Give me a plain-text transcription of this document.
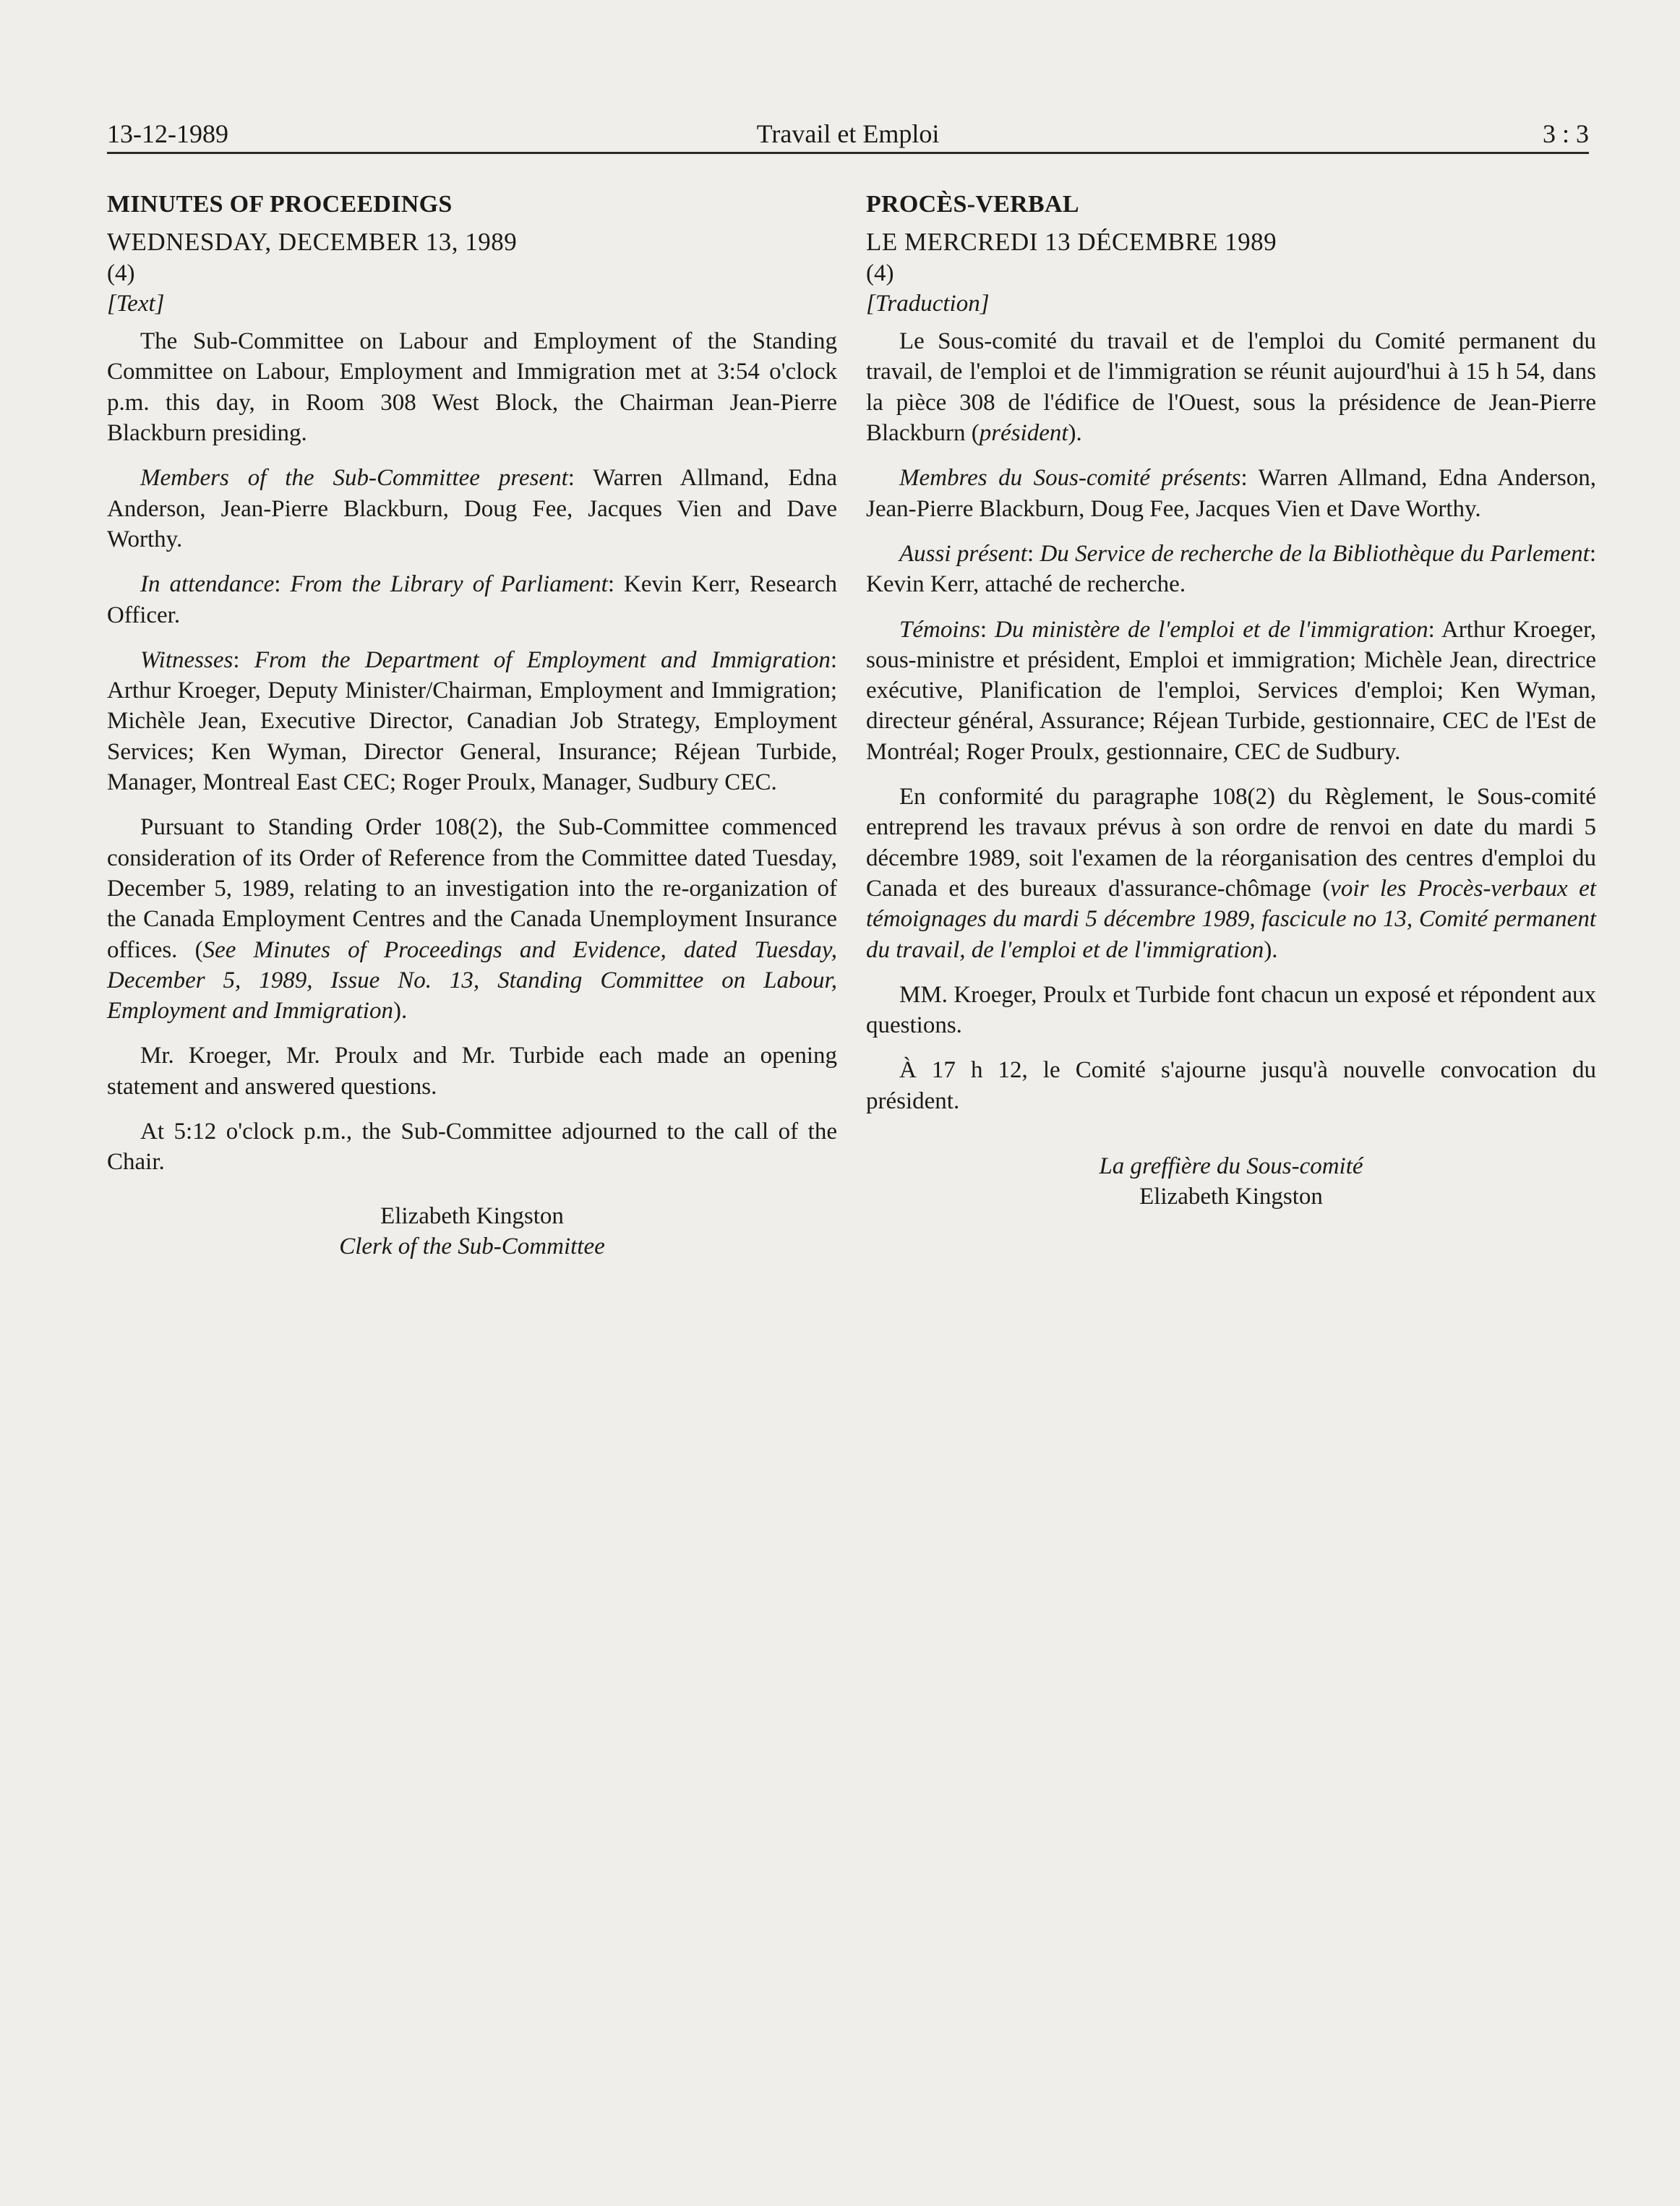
13-12-1989	Travail et Emploi	3 : 3
MINUTES OF PROCEEDINGS

WEDNESDAY, DECEMBER 13, 1989

(4)

[Text]

The Sub-Committee on Labour and Employment of the Standing Committee on Labour, Employment and Immigration met at 3:54 o'clock p.m. this day, in Room 308 West Block, the Chairman Jean-Pierre Blackburn presiding.

Members of the Sub-Committee present: Warren Allmand, Edna Anderson, Jean-Pierre Blackburn, Doug Fee, Jacques Vien and Dave Worthy.

In attendance: From the Library of Parliament: Kevin Kerr, Research Officer.

Witnesses: From the Department of Employment and Immigration: Arthur Kroeger, Deputy Minister/Chairman, Employment and Immigration; Michèle Jean, Executive Director, Canadian Job Strategy, Employment Services; Ken Wyman, Director General, Insurance; Réjean Turbide, Manager, Montreal East CEC; Roger Proulx, Manager, Sudbury CEC.

Pursuant to Standing Order 108(2), the Sub-Committee commenced consideration of its Order of Reference from the Committee dated Tuesday, December 5, 1989, relating to an investigation into the re-organization of the Canada Employment Centres and the Canada Unemployment Insurance offices. (See Minutes of Proceedings and Evidence, dated Tuesday, December 5, 1989, Issue No. 13, Standing Committee on Labour, Employment and Immigration).

Mr. Kroeger, Mr. Proulx and Mr. Turbide each made an opening statement and answered questions.

At 5:12 o'clock p.m., the Sub-Committee adjourned to the call of the Chair.

Elizabeth Kingston

Clerk of the Sub-Committee

PROCÈS-VERBAL

LE MERCREDI 13 DÉCEMBRE 1989

(4)

[Traduction]

Le Sous-comité du travail et de l'emploi du Comité permanent du travail, de l'emploi et de l'immigration se réunit aujourd'hui à 15 h 54, dans la pièce 308 de l'édifice de l'Ouest, sous la présidence de Jean-Pierre Blackburn (président).

Membres du Sous-comité présents: Warren Allmand, Edna Anderson, Jean-Pierre Blackburn, Doug Fee, Jacques Vien et Dave Worthy.

Aussi présent: Du Service de recherche de la Bibliothèque du Parlement: Kevin Kerr, attaché de recherche.

Témoins: Du ministère de l'emploi et de l'immigration: Arthur Kroeger, sous-ministre et président, Emploi et immigration; Michèle Jean, directrice exécutive, Planification de l'emploi, Services d'emploi; Ken Wyman, directeur général, Assurance; Réjean Turbide, gestionnaire, CEC de l'Est de Montréal; Roger Proulx, gestionnaire, CEC de Sudbury.

En conformité du paragraphe 108(2) du Règlement, le Sous-comité entreprend les travaux prévus à son ordre de renvoi en date du mardi 5 décembre 1989, soit l'examen de la réorganisation des centres d'emploi du Canada et des bureaux d'assurance-chômage (voir les Procès-verbaux et témoignages du mardi 5 décembre 1989, fascicule no 13, Comité permanent du travail, de l'emploi et de l'immigration).

MM. Kroeger, Proulx et Turbide font chacun un exposé et répondent aux questions.

À 17 h 12, le Comité s'ajourne jusqu'à nouvelle convocation du président.

La greffière du Sous-comité

Elizabeth Kingston
